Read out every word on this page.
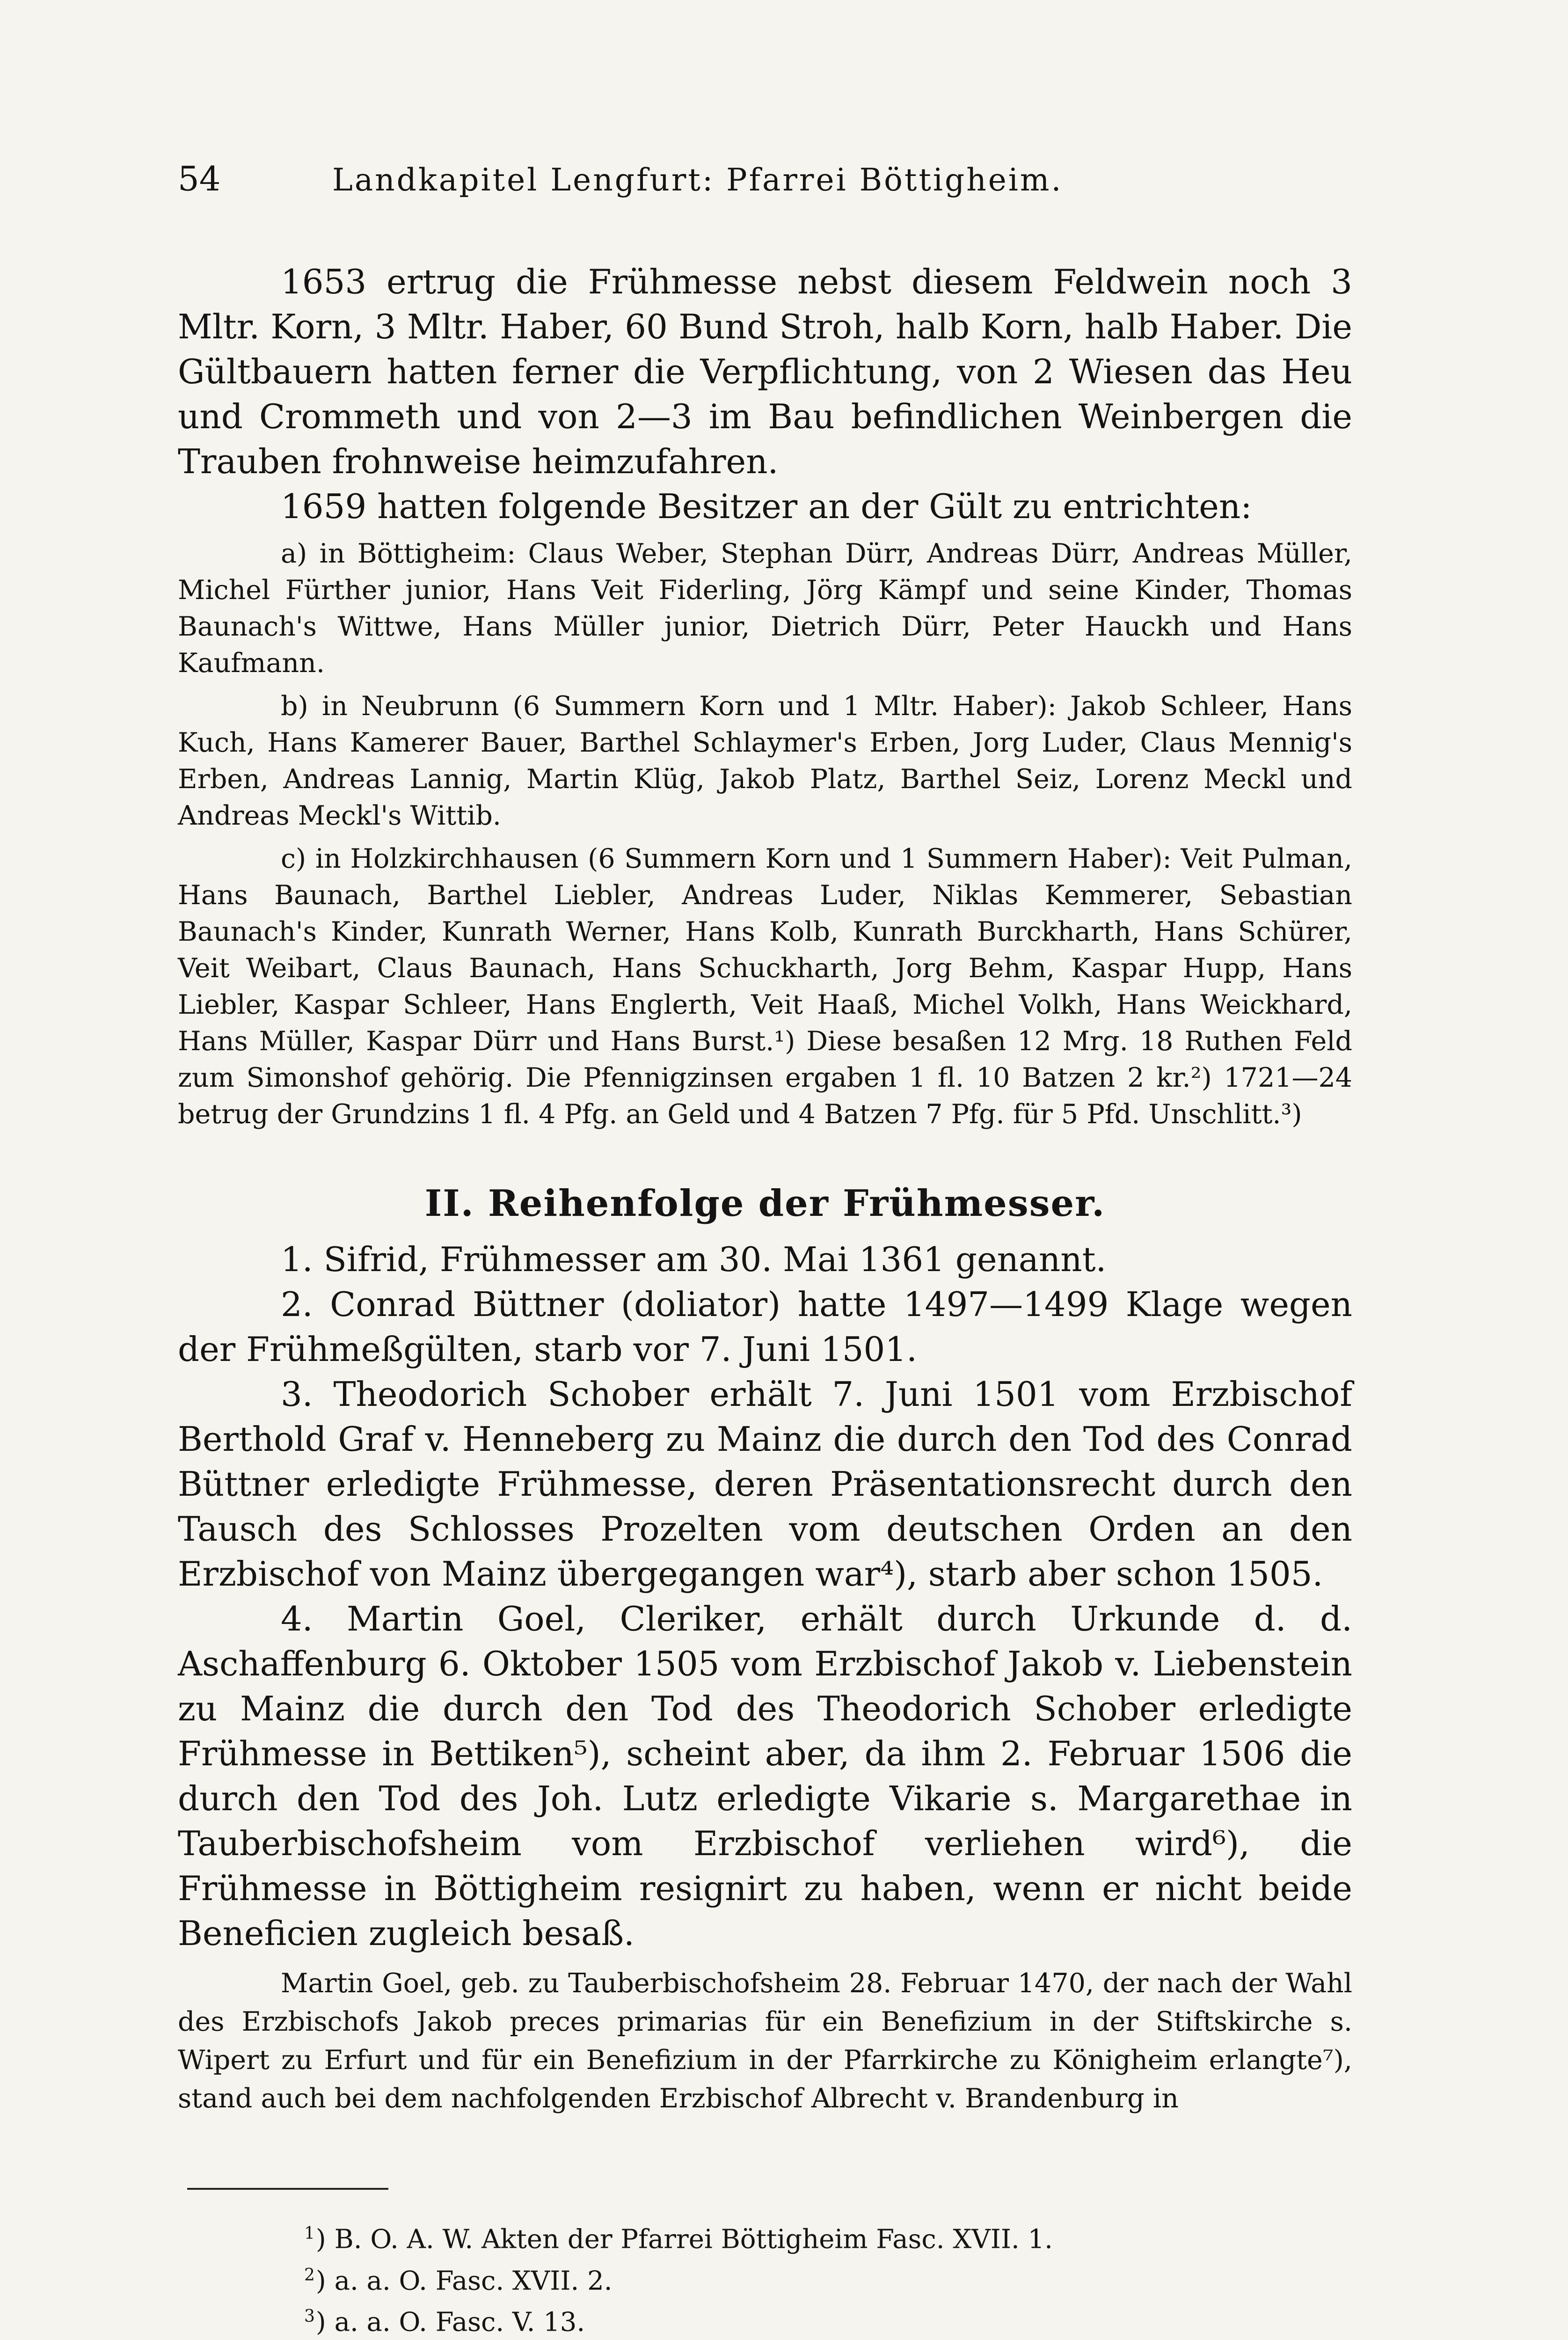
54	Landkapitel Lengfurt: Pfarrei Böttigheim.

1653 ertrug die Frühmesse nebst diesem Feldwein noch 3 Mltr. Korn, 3 Mltr. Haber, 60 Bund Stroh, halb Korn, halb Haber. Die Gültbauern hatten ferner die Verpflichtung, von 2 Wiesen das Heu und Crommeth und von 2—3 im Bau befindlichen Weinbergen die Trauben frohnweise heimzufahren.

1659 hatten folgende Besitzer an der Gült zu entrichten:

a) in Böttigheim: Claus Weber, Stephan Dürr, Andreas Dürr, Andreas Müller, Michel Fürther junior, Hans Veit Fiderling, Jörg Kämpf und seine Kinder, Thomas Baunach's Wittwe, Hans Müller junior, Dietrich Dürr, Peter Hauckh und Hans Kaufmann.

b) in Neubrunn (6 Summern Korn und 1 Mltr. Haber): Jakob Schleer, Hans Kuch, Hans Kamerer Bauer, Barthel Schlaymer's Erben, Jorg Luder, Claus Mennig's Erben, Andreas Lannig, Martin Klüg, Jakob Platz, Barthel Seiz, Lorenz Meckl und Andreas Meckl's Wittib.

c) in Holzkirchhausen (6 Summern Korn und 1 Summern Haber): Veit Pulman, Hans Baunach, Barthel Liebler, Andreas Luder, Niklas Kemmerer, Sebastian Baunach's Kinder, Kunrath Werner, Hans Kolb, Kunrath Burckharth, Hans Schürer, Veit Weibart, Claus Baunach, Hans Schuckharth, Jorg Behm, Kaspar Hupp, Hans Liebler, Kaspar Schleer, Hans Englerth, Veit Haaß, Michel Volkh, Hans Weickhard, Hans Müller, Kaspar Dürr und Hans Burst.¹) Diese besaßen 12 Mrg. 18 Ruthen Feld zum Simonshof gehörig. Die Pfennigzinsen ergaben 1 fl. 10 Batzen 2 kr.²) 1721—24 betrug der Grundzins 1 fl. 4 Pfg. an Geld und 4 Batzen 7 Pfg. für 5 Pfd. Unschlitt.³)

II. Reihenfolge der Frühmesser.

1. Sifrid, Frühmesser am 30. Mai 1361 genannt.

2. Conrad Büttner (doliator) hatte 1497—1499 Klage wegen der Frühmeßgülten, starb vor 7. Juni 1501.

3. Theodorich Schober erhält 7. Juni 1501 vom Erzbischof Berthold Graf v. Henneberg zu Mainz die durch den Tod des Conrad Büttner erledigte Frühmesse, deren Präsentationsrecht durch den Tausch des Schlosses Prozelten vom deutschen Orden an den Erzbischof von Mainz übergegangen war⁴), starb aber schon 1505.

4. Martin Goel, Cleriker, erhält durch Urkunde d. d. Aschaffenburg 6. Oktober 1505 vom Erzbischof Jakob v. Liebenstein zu Mainz die durch den Tod des Theodorich Schober erledigte Frühmesse in Bettiken⁵), scheint aber, da ihm 2. Februar 1506 die durch den Tod des Joh. Lutz erledigte Vikarie s. Margarethae in Tauberbischofsheim vom Erzbischof verliehen wird⁶), die Frühmesse in Böttigheim resignirt zu haben, wenn er nicht beide Beneficien zugleich besaß.

Martin Goel, geb. zu Tauberbischofsheim 28. Februar 1470, der nach der Wahl des Erzbischofs Jakob preces primarias für ein Benefizium in der Stiftskirche s. Wipert zu Erfurt und für ein Benefizium in der Pfarrkirche zu Königheim erlangte⁷), stand auch bei dem nachfolgenden Erzbischof Albrecht v. Brandenburg in

$^1$) B. O. A. W. Akten der Pfarrei Böttigheim Fasc. XVII. 1.
$^2$) a. a. O. Fasc. XVII. 2.
$^3$) a. a. O. Fasc. V. 13.
